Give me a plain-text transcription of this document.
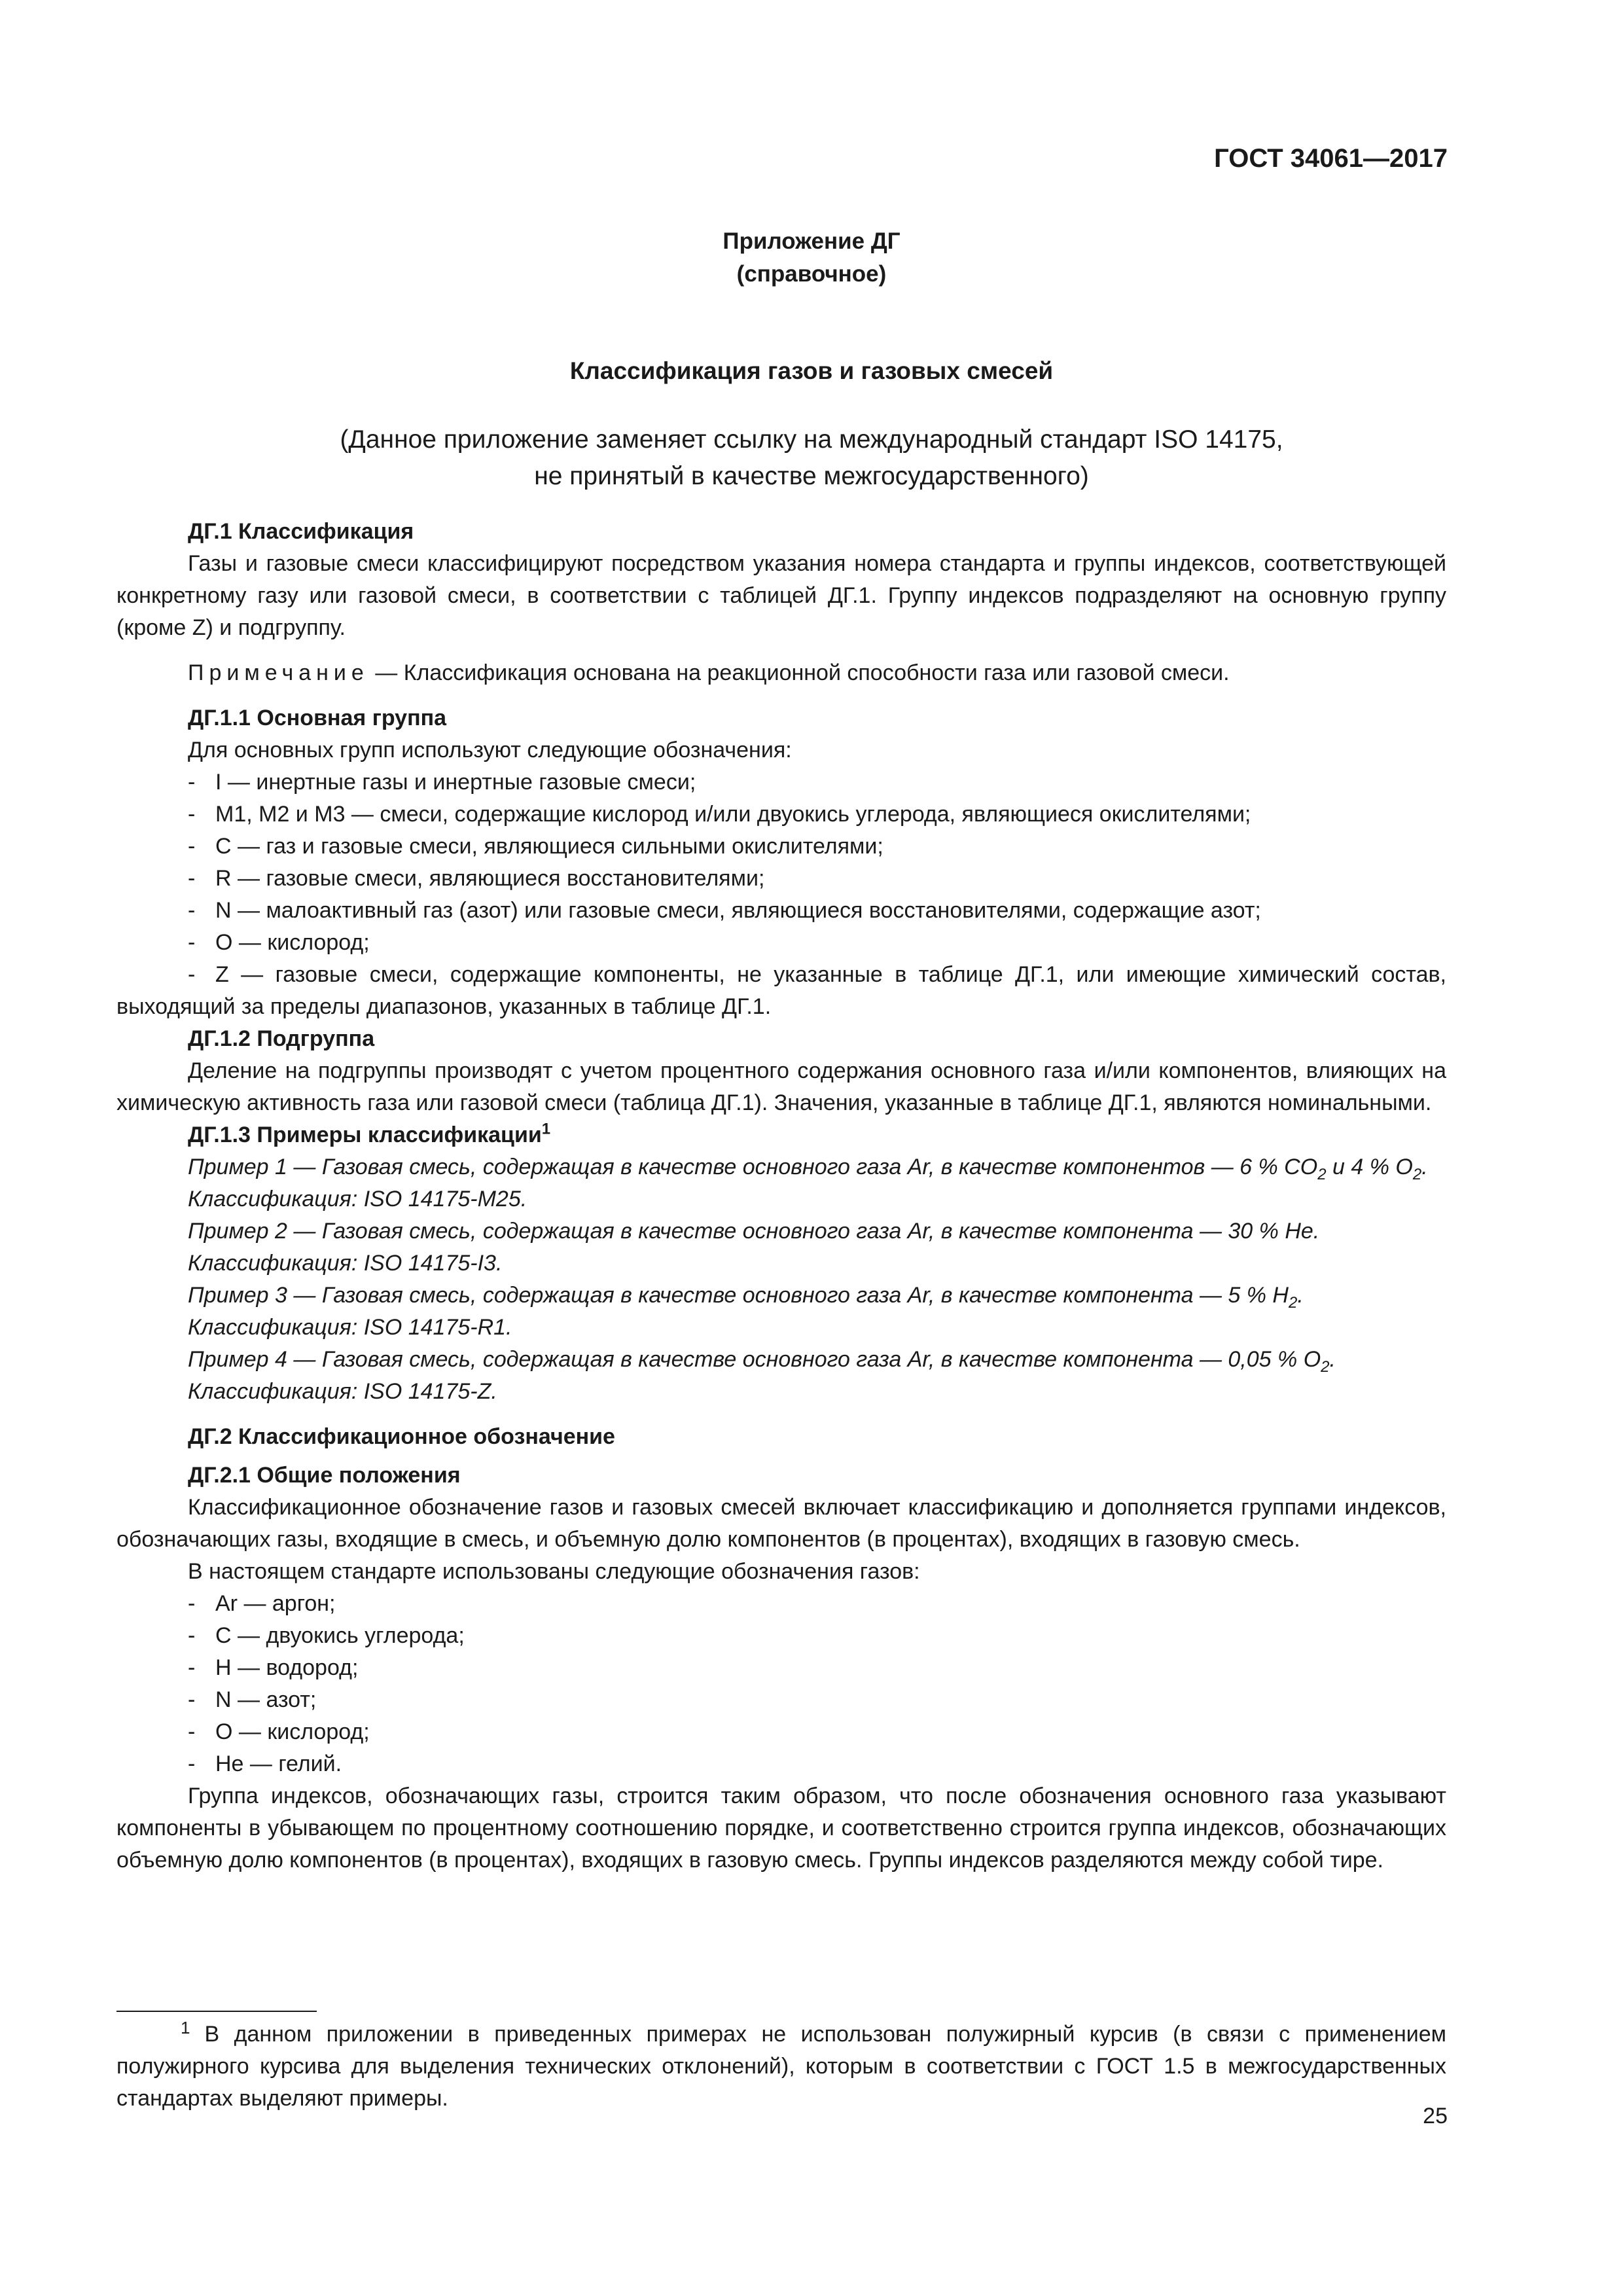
ГОСТ 34061—2017
Приложение ДГ
(справочное)
Классификация газов и газовых смесей
(Данное приложение заменяет ссылку на международный стандарт ISO 14175,
не принятый в качестве межгосударственного)

ДГ.1 Классификация

Газы и газовые смеси классифицируют посредством указания номера стандарта и группы индексов, соответствующей конкретному газу или газовой смеси, в соответствии с таблицей ДГ.1. Группу индексов подразделяют на основную группу (кроме Z) и подгруппу.

Примечание — Классификация основана на реакционной способности газа или газовой смеси.

ДГ.1.1 Основная группа

Для основных групп используют следующие обозначения:

- I — инертные газы и инертные газовые смеси;

- M1, M2 и M3 — смеси, содержащие кислород и/или двуокись углерода, являющиеся окислителями;

- C — газ и газовые смеси, являющиеся сильными окислителями;

- R — газовые смеси, являющиеся восстановителями;

- N — малоактивный газ (азот) или газовые смеси, являющиеся восстановителями, содержащие азот;

- O — кислород;

- Z — газовые смеси, содержащие компоненты, не указанные в таблице ДГ.1, или имеющие химический состав, выходящий за пределы диапазонов, указанных в таблице ДГ.1.

ДГ.1.2 Подгруппа

Деление на подгруппы производят с учетом процентного содержания основного газа и/или компонентов, влияющих на химическую активность газа или газовой смеси (таблица ДГ.1). Значения, указанные в таблице ДГ.1, являются номинальными.

ДГ.1.3 Примеры классификации$^1$

Пример 1 — Газовая смесь, содержащая в качестве основного газа Ar, в качестве компонентов — 6 % $CO_2$ и 4 % $O_2$.

Классификация: ISO 14175-M25.

Пример 2 — Газовая смесь, содержащая в качестве основного газа Ar, в качестве компонента — 30 % He.

Классификация: ISO 14175-I3.

Пример 3 — Газовая смесь, содержащая в качестве основного газа Ar, в качестве компонента — 5 % $H_2$.

Классификация: ISO 14175-R1.

Пример 4 — Газовая смесь, содержащая в качестве основного газа Ar, в качестве компонента — 0,05 % $O_2$.

Классификация: ISO 14175-Z.

ДГ.2 Классификационное обозначение

ДГ.2.1 Общие положения

Классификационное обозначение газов и газовых смесей включает классификацию и дополняется группами индексов, обозначающих газы, входящие в смесь, и объемную долю компонентов (в процентах), входящих в газовую смесь.

В настоящем стандарте использованы следующие обозначения газов:

- Ar — аргон;

- C — двуокись углерода;

- H — водород;

- N — азот;

- O — кислород;

- He — гелий.

Группа индексов, обозначающих газы, строится таким образом, что после обозначения основного газа указывают компоненты в убывающем по процентному соотношению порядке, и соответственно строится группа индексов, обозначающих объемную долю компонентов (в процентах), входящих в газовую смесь. Группы индексов разделяются между собой тире.

$^1$ В данном приложении в приведенных примерах не использован полужирный курсив (в связи с применением полужирного курсива для выделения технических отклонений), которым в соответствии с ГОСТ 1.5 в межгосударственных стандартах выделяют примеры.
25
